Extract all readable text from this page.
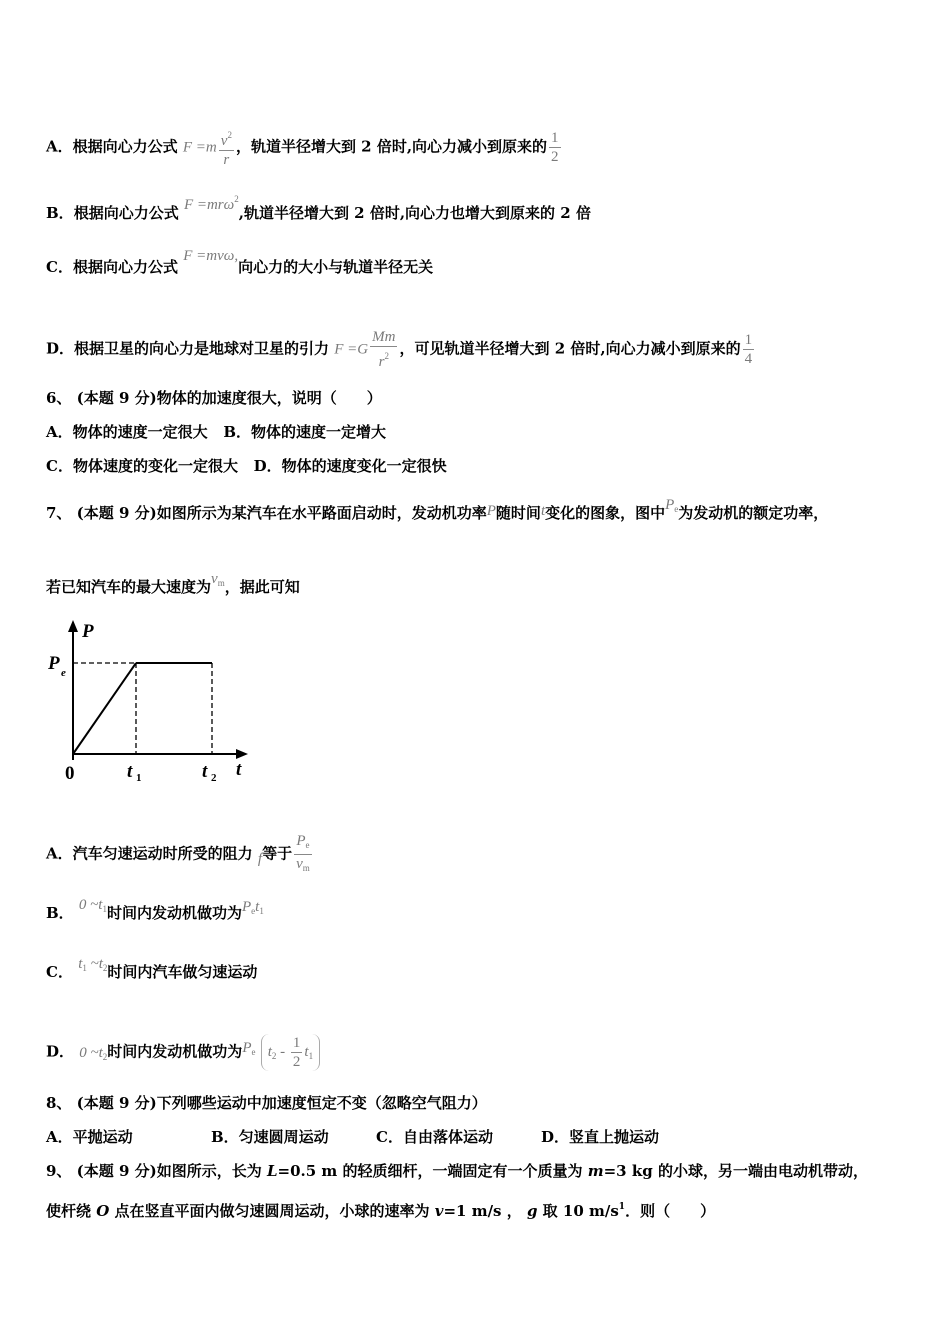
A．根据向心力公式 $F =m \frac{v^2}{r}$ ，轨道半径增大到 2 倍时,向心力减小到原来的 $\frac{1}{2}$
B．根据向心力公式 F =mrω$^2$,轨道半径增大到 2 倍时,向心力也增大到原来的 2 倍
C．根据向心力公式 F =mvω,向心力的大小与轨道半径无关
D．根据卫星的向心力是地球对卫星的引力 $F =G \frac{Mm}{r^2}$ ，可见轨道半径增大到 2 倍时,向心力减小到原来的 $\frac{1}{4}$
6、 (本题 9 分)物体的加速度很大，说明（　　）
A．物体的速度一定很大 B．物体的速度一定增大
C．物体速度的变化一定很大 D．物体的速度变化一定很快
7、 (本题 9 分)如图所示为某汽车在水平路面启动时，发动机功率P随时间t变化的图象，图中$P_e$为发动机的额定功率，
若已知汽车的最大速度为$v_m$，据此可知
P
P e
0	t 1	t 2 t
A．汽车匀速运动时所受的阻力 f等于 $\frac{P_e}{v_m}$
B． 0 $\sim t_1$时间内发动机做功为$P_et_1$
C． $t_1$ $\sim t_2$时间内汽车做匀速运动
D． 0 $\sim t_2$时间内发动机做功为$P_e$ $t_2 - \frac{1}{2} t_1$
8、 (本题 9 分)下列哪些运动中加速度恒定不变（忽略空气阻力）
A．平抛运动	B．匀速圆周运动	C．自由落体运动	D．竖直上抛运动
9、 (本题 9 分)如图所示，长为 L=0.5 m 的轻质细杆，一端固定有一个质量为 m=3 kg 的小球，另一端由电动机带动，
使杆绕 O 点在竖直平面内做匀速圆周运动，小球的速率为 v=1 m/s ， g 取 10 $m/s^1$．则（　　）
